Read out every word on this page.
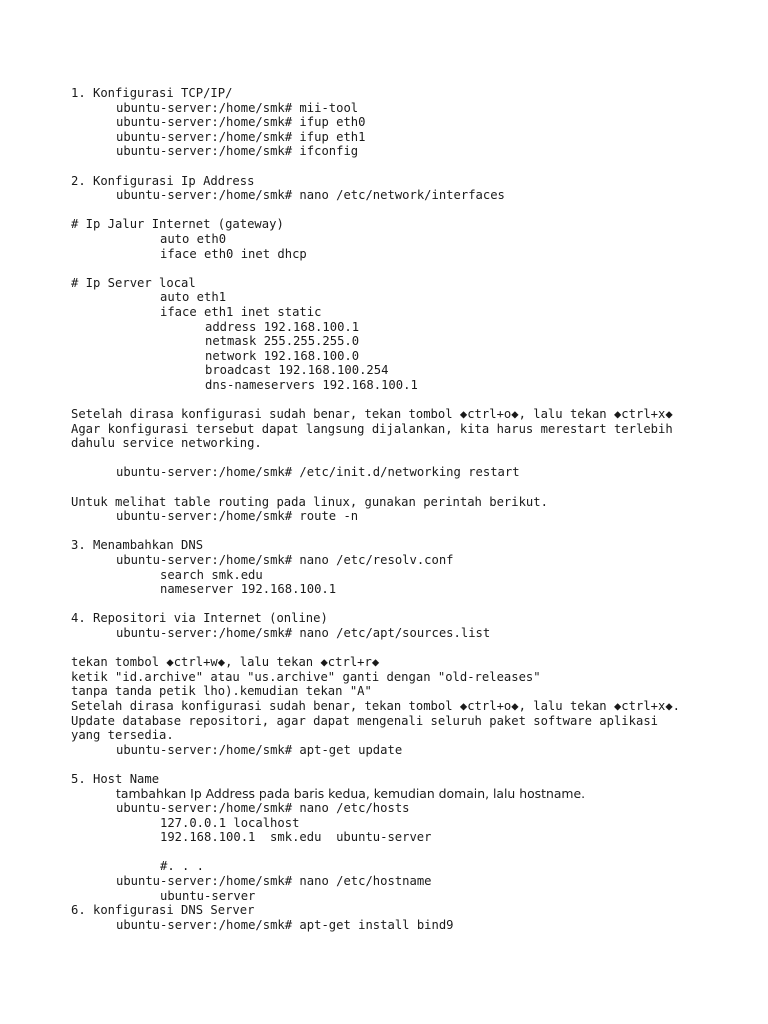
1. Konfigurasi TCP/IP/
ubuntu-server:/home/smk# mii-tool
ubuntu-server:/home/smk# ifup eth0
ubuntu-server:/home/smk# ifup eth1
ubuntu-server:/home/smk# ifconfig
2. Konfigurasi Ip Address
ubuntu-server:/home/smk# nano /etc/network/interfaces
# Ip Jalur Internet (gateway)
auto eth0
iface eth0 inet dhcp
# Ip Server local
auto eth1
iface eth1 inet static
address 192.168.100.1
netmask 255.255.255.0
network 192.168.100.0
broadcast 192.168.100.254
dns-nameservers 192.168.100.1
Setelah dirasa konfigurasi sudah benar, tekan tombol ◆ctrl+o◆, lalu tekan ◆ctrl+x◆
Agar konfigurasi tersebut dapat langsung dijalankan, kita harus merestart terlebih
dahulu service networking.
ubuntu-server:/home/smk# /etc/init.d/networking restart
Untuk melihat table routing pada linux, gunakan perintah berikut.
ubuntu-server:/home/smk# route -n
3. Menambahkan DNS
ubuntu-server:/home/smk# nano /etc/resolv.conf
search smk.edu
nameserver 192.168.100.1
4. Repositori via Internet (online)
ubuntu-server:/home/smk# nano /etc/apt/sources.list
tekan tombol ◆ctrl+w◆, lalu tekan ◆ctrl+r◆
ketik "id.archive" atau "us.archive" ganti dengan "old-releases"
tanpa tanda petik lho).kemudian tekan "A"
Setelah dirasa konfigurasi sudah benar, tekan tombol ◆ctrl+o◆, lalu tekan ◆ctrl+x◆.
Update database repositori, agar dapat mengenali seluruh paket software aplikasi
yang tersedia.
ubuntu-server:/home/smk# apt-get update
5. Host Name
tambahkan Ip Address pada baris kedua, kemudian domain, lalu hostname.
ubuntu-server:/home/smk# nano /etc/hosts
127.0.0.1 localhost
192.168.100.1  smk.edu  ubuntu-server
#. . .
ubuntu-server:/home/smk# nano /etc/hostname
ubuntu-server
6. konfigurasi DNS Server
ubuntu-server:/home/smk# apt-get install bind9
